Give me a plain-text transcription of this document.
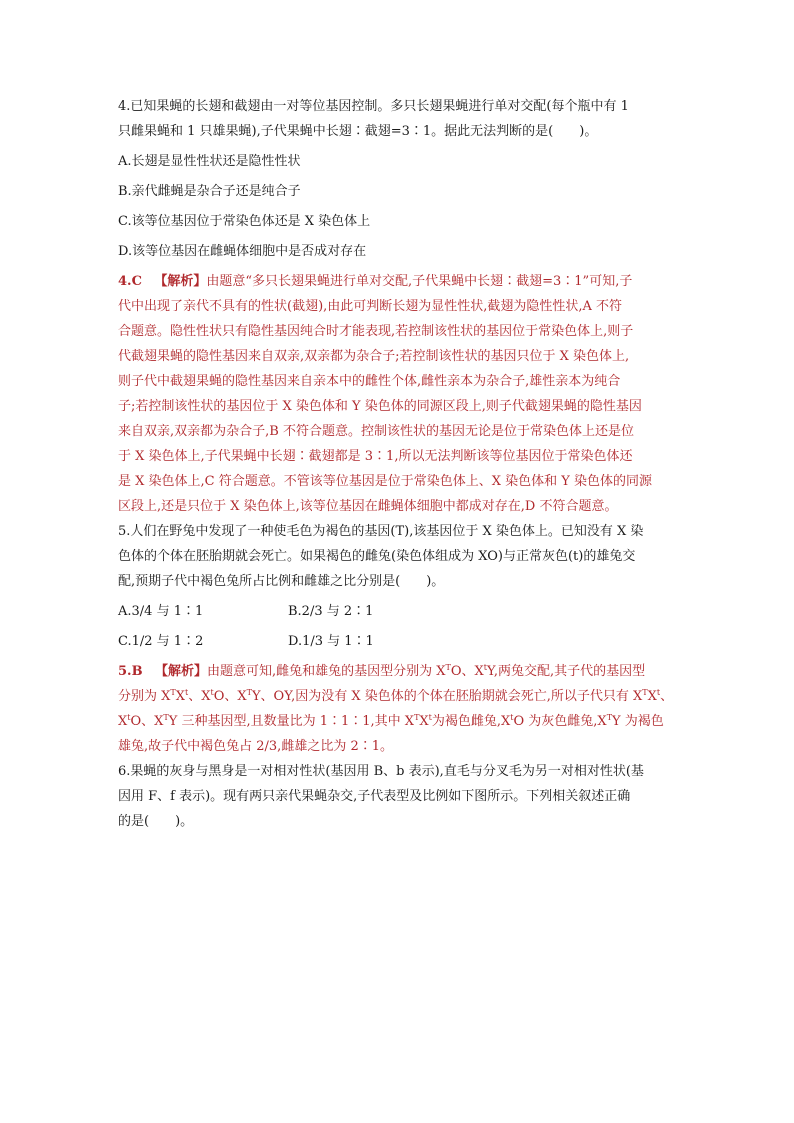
4.已知果蝇的长翅和截翅由一对等位基因控制。多只长翅果蝇进行单对交配(每个瓶中有 1

只雌果蝇和 1 只雄果蝇),子代果蝇中长翅∶截翅=3∶1。据此无法判断的是(　　)。

A.长翅是显性性状还是隐性性状

B.亲代雌蝇是杂合子还是纯合子

C.该等位基因位于常染色体还是 X 染色体上

D.该等位基因在雌蝇体细胞中是否成对存在

4.C 【解析】由题意“多只长翅果蝇进行单对交配,子代果蝇中长翅∶截翅=3∶1”可知,子

代中出现了亲代不具有的性状(截翅),由此可判断长翅为显性性状,截翅为隐性性状,A 不符

合题意。隐性性状只有隐性基因纯合时才能表现,若控制该性状的基因位于常染色体上,则子

代截翅果蝇的隐性基因来自双亲,双亲都为杂合子;若控制该性状的基因只位于 X 染色体上,

则子代中截翅果蝇的隐性基因来自亲本中的雌性个体,雌性亲本为杂合子,雄性亲本为纯合

子;若控制该性状的基因位于 X 染色体和 Y 染色体的同源区段上,则子代截翅果蝇的隐性基因

来自双亲,双亲都为杂合子,B 不符合题意。控制该性状的基因无论是位于常染色体上还是位

于 X 染色体上,子代果蝇中长翅∶截翅都是 3∶1,所以无法判断该等位基因位于常染色体还

是 X 染色体上,C 符合题意。不管该等位基因是位于常染色体上、X 染色体和 Y 染色体的同源

区段上,还是只位于 X 染色体上,该等位基因在雌蝇体细胞中都成对存在,D 不符合题意。

5.人们在野兔中发现了一种使毛色为褐色的基因(T),该基因位于 X 染色体上。已知没有 X 染

色体的个体在胚胎期就会死亡。如果褐色的雌兔(染色体组成为 XO)与正常灰色(t)的雄兔交

配,预期子代中褐色兔所占比例和雌雄之比分别是(　　)。

A.3/4 与 1∶1	B.2/3 与 2∶1
C.1/2 与 1∶2	D.1/3 与 1∶1

5.B 【解析】由题意可知,雌兔和雄兔的基因型分别为 $X^TO$、$X^tY$,两兔交配,其子代的基因型

分别为 $X^TX^t$、$X^tO$、$X^TY$、OY,因为没有 X 染色体的个体在胚胎期就会死亡,所以子代只有 $X^TX^t$、

$X^tO$、$X^TY$ 三种基因型,且数量比为 1∶1∶1,其中 $X^TX^t$为褐色雌兔$,X^tO$ 为灰色雌兔$,X^TY$ 为褐色

雄兔,故子代中褐色兔占 2/3,雌雄之比为 2∶1。

6.果蝇的灰身与黑身是一对相对性状(基因用 B、b 表示),直毛与分叉毛为另一对相对性状(基

因用 F、f 表示)。现有两只亲代果蝇杂交,子代表型及比例如下图所示。下列相关叙述正确

的是(　　)。
